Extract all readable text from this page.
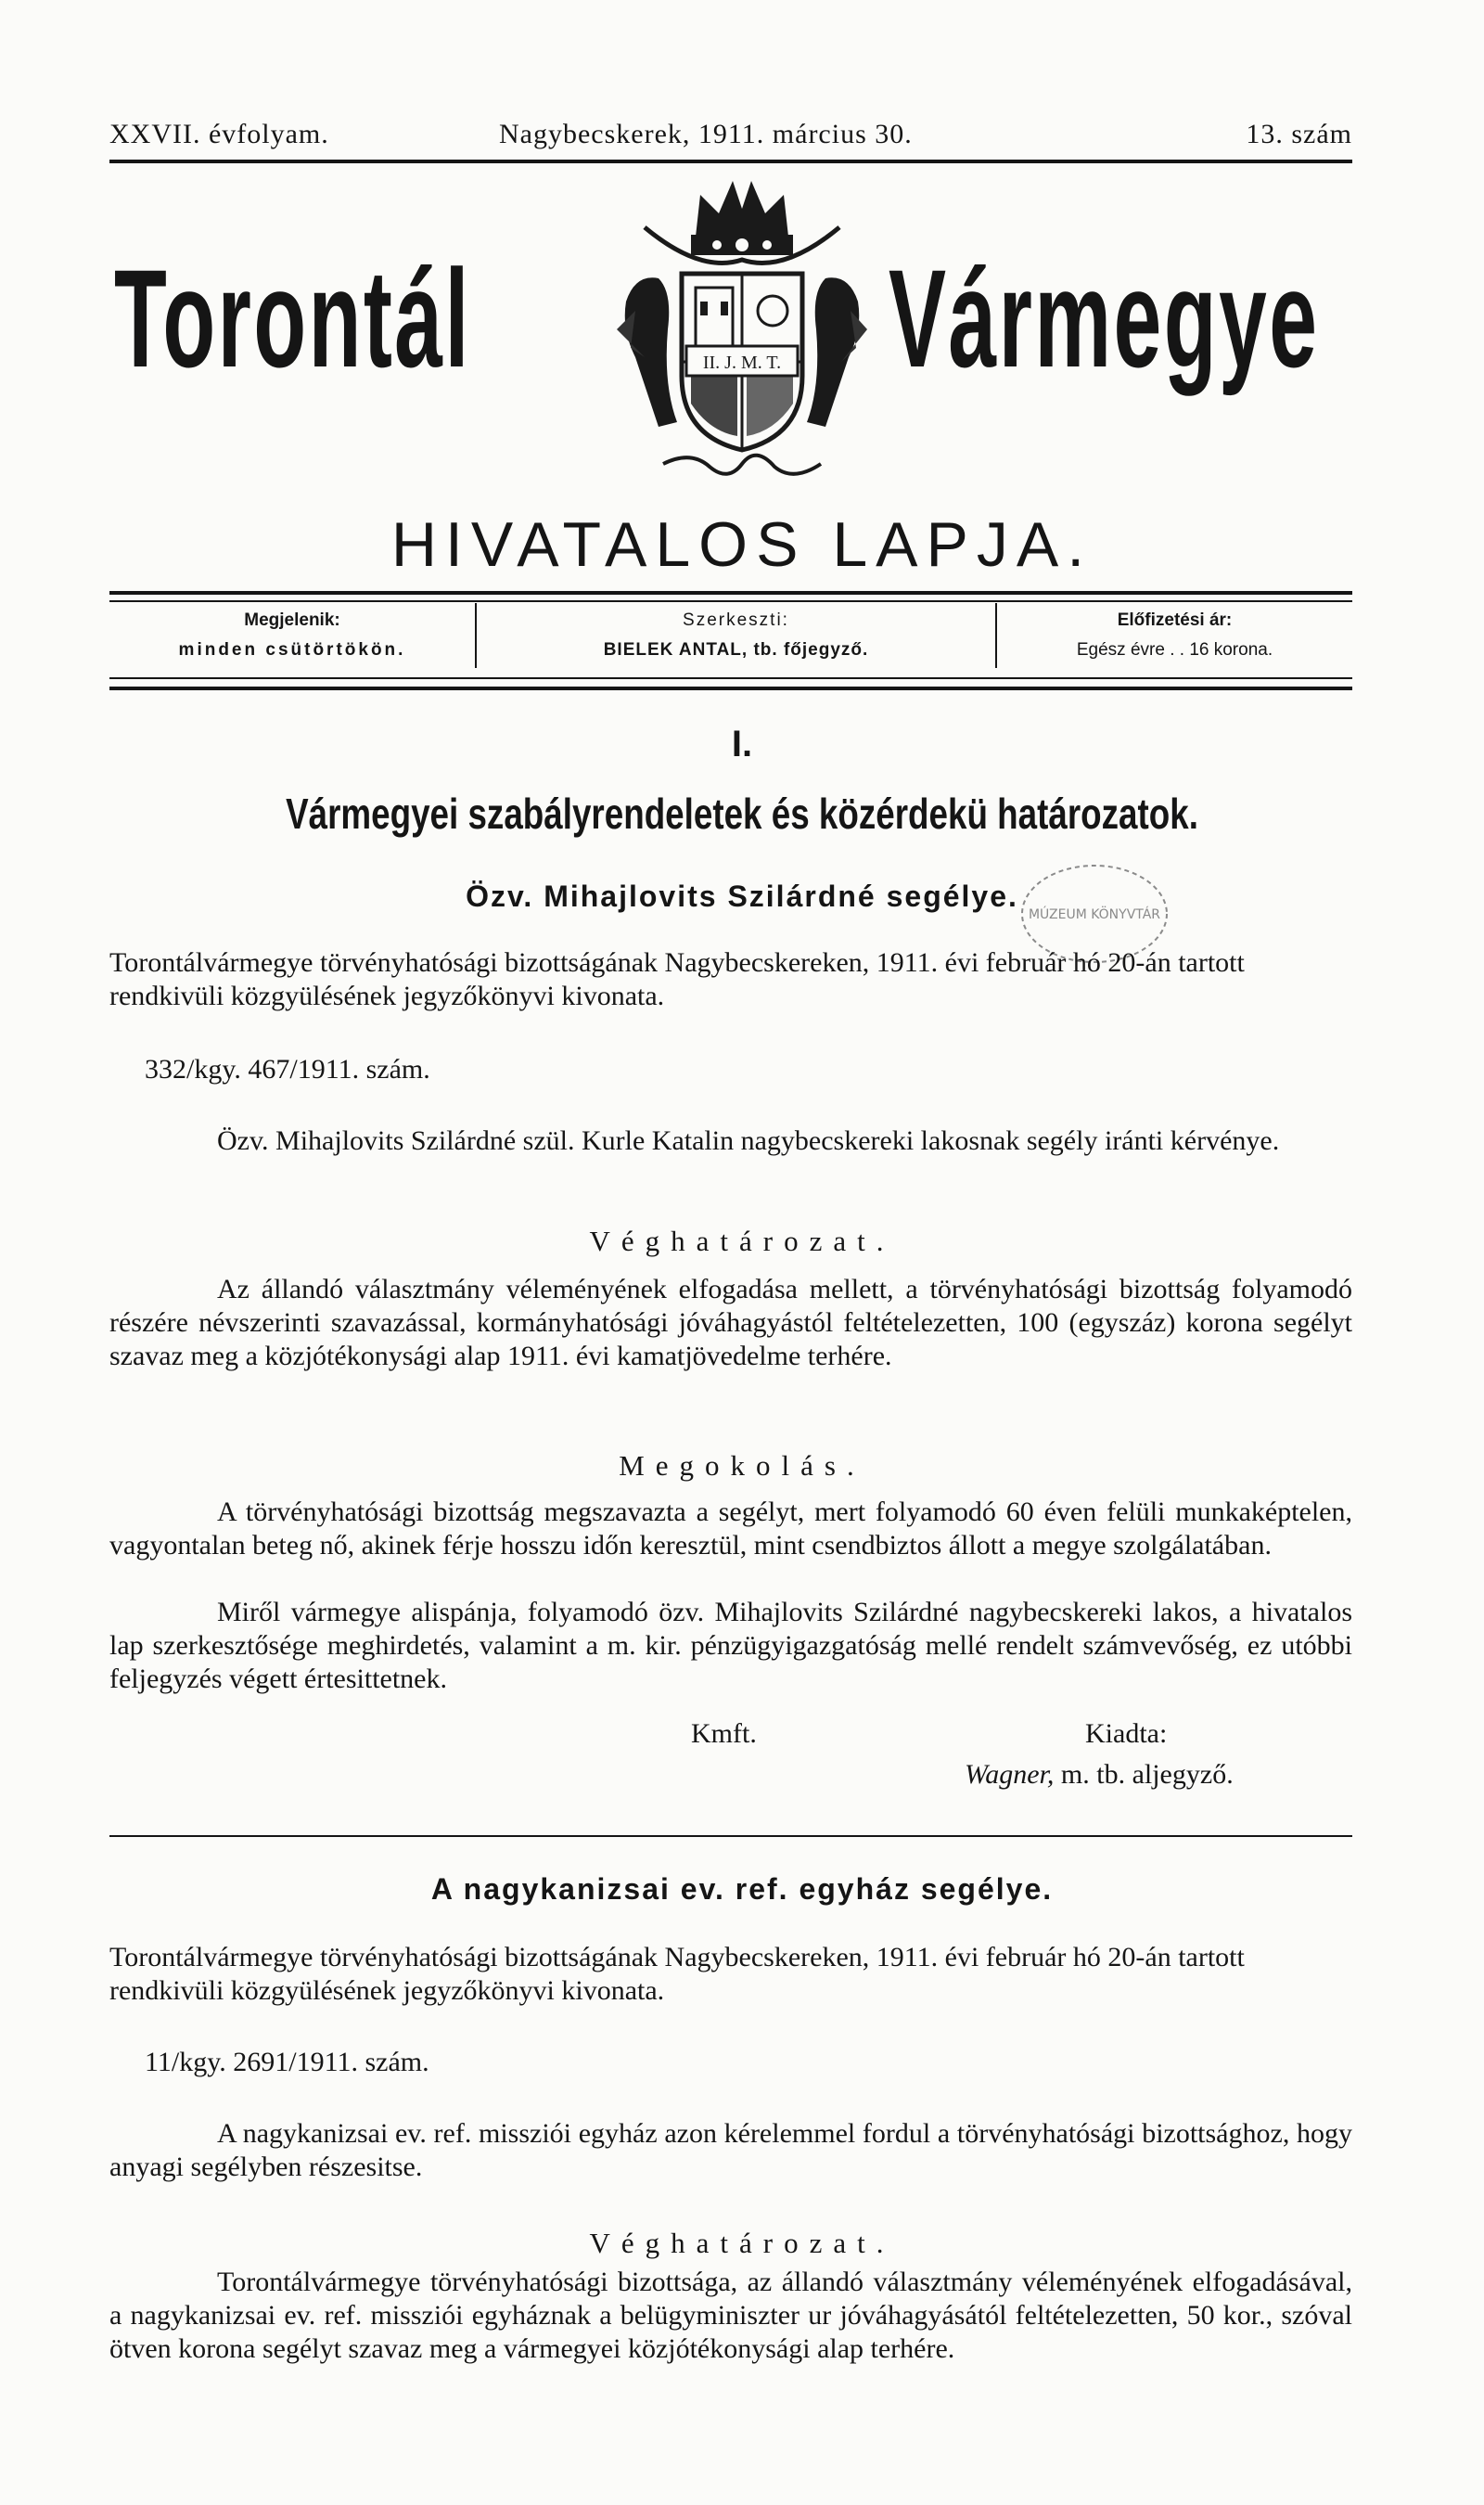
XXVII. évfolyam.	Nagybecskerek, 1911. március 30.	13. szám
Torontál	Vármegye
II. J. M. T.
HIVATALOS LAPJA.
Megjelenik:
minden csütörtökön.
Szerkeszti:
BIELEK ANTAL, tb. főjegyző.
Előfizetési ár:
Egész évre . . 16 korona.
I.
Vármegyei szabályrendeletek és közérdekü határozatok.
Özv. Mihajlovits Szilárdné segélye.
MÚZEUM KÖNYVTÁR

Torontálvármegye törvényhatósági bizottságának Nagybecskereken, 1911. évi február hó 20-án tartott rendkivüli közgyülésének jegyzőkönyvi kivonata.

332/kgy. 467/1911. szám.

Özv. Mihajlovits Szilárdné szül. Kurle Katalin nagybecskereki lakosnak segély iránti kérvénye.

Véghatározat.

Az állandó választmány véleményének elfogadása mellett, a törvényhatósági bizottság folyamodó részére névszerinti szavazással, kormányhatósági jóváhagyástól feltételezetten, 100 (egyszáz) korona segélyt szavaz meg a közjótékonysági alap 1911. évi kamatjövedelme terhére.

Megokolás.

A törvényhatósági bizottság megszavazta a segélyt, mert folyamodó 60 éven felüli munkaképtelen, vagyontalan beteg nő, akinek férje hosszu időn keresztül, mint csendbiztos állott a megye szolgálatában.

Miről vármegye alispánja, folyamodó özv. Mihajlovits Szilárdné nagybecskereki lakos, a hivatalos lap szerkesztősége meghirdetés, valamint a m. kir. pénzügyigazgatóság mellé rendelt számvevőség, ez utóbbi feljegyzés végett értesittetnek.

Kmft.	Kiadta:
Wagner, m. tb. aljegyző.
A nagykanizsai ev. ref. egyház segélye.

Torontálvármegye törvényhatósági bizottságának Nagybecskereken, 1911. évi február hó 20-án tartott rendkivüli közgyülésének jegyzőkönyvi kivonata.

11/kgy. 2691/1911. szám.

A nagykanizsai ev. ref. missziói egyház azon kérelemmel fordul a törvényhatósági bizottsághoz, hogy anyagi segélyben részesitse.

Véghatározat.

Torontálvármegye törvényhatósági bizottsága, az állandó választmány véleményének elfogadásával, a nagykanizsai ev. ref. missziói egyháznak a belügyminiszter ur jóváhagyásától feltételezetten, 50 kor., szóval ötven korona segélyt szavaz meg a vármegyei közjótékonysági alap terhére.
